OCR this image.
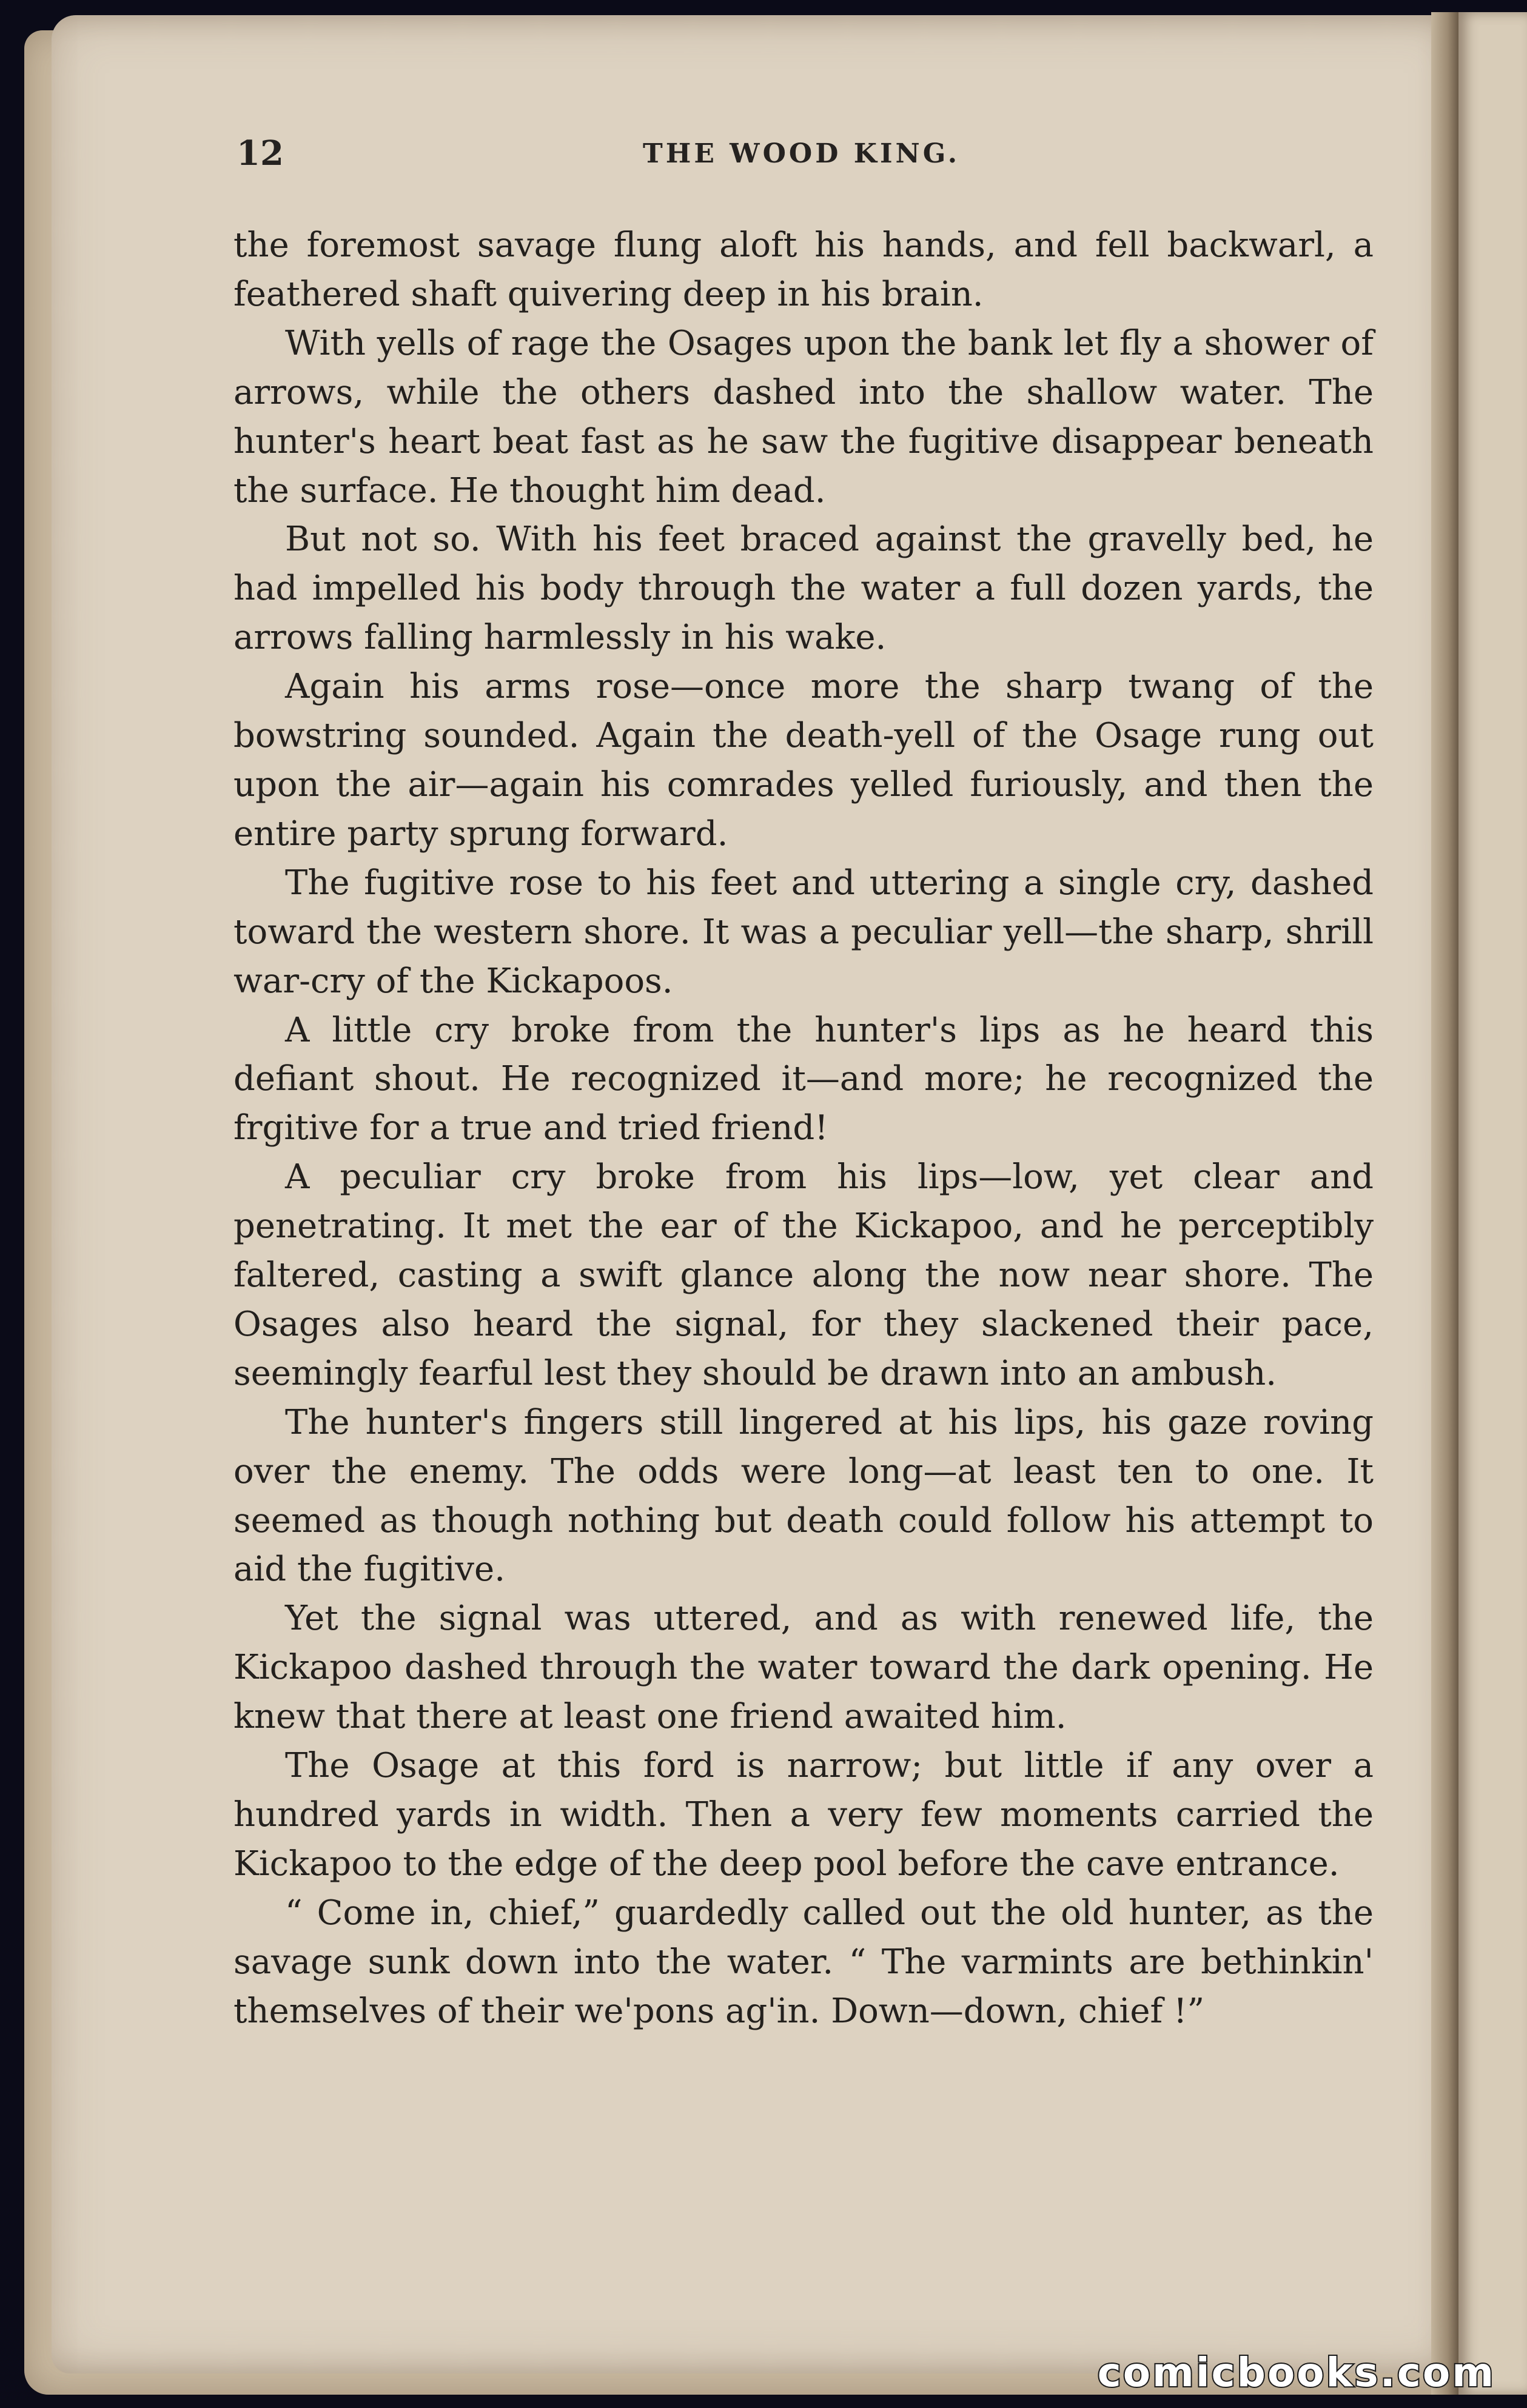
12	THE WOOD KING.

the foremost savage flung aloft his hands, and fell backwarl, a feathered shaft quivering deep in his brain.

With yells of rage the Osages upon the bank let fly a shower of arrows, while the others dashed into the shallow water. The hunter's heart beat fast as he saw the fugitive disappear beneath the surface. He thought him dead.

But not so. With his feet braced against the gravelly bed, he had impelled his body through the water a full dozen yards, the arrows falling harmlessly in his wake.

Again his arms rose—once more the sharp twang of the bowstring sounded. Again the death-yell of the Osage rung out upon the air—again his comrades yelled furiously, and then the entire party sprung forward.

The fugitive rose to his feet and uttering a single cry, dashed toward the western shore. It was a peculiar yell—the sharp, shrill war-cry of the Kickapoos.

A little cry broke from the hunter's lips as he heard this defiant shout. He recognized it—and more; he recognized the frgitive for a true and tried friend!

A peculiar cry broke from his lips—low, yet clear and penetrating. It met the ear of the Kickapoo, and he perceptibly faltered, casting a swift glance along the now near shore. The Osages also heard the signal, for they slackened their pace, seemingly fearful lest they should be drawn into an ambush.

The hunter's fingers still lingered at his lips, his gaze roving over the enemy. The odds were long—at least ten to one. It seemed as though nothing but death could follow his attempt to aid the fugitive.

Yet the signal was uttered, and as with renewed life, the Kickapoo dashed through the water toward the dark opening. He knew that there at least one friend awaited him.

The Osage at this ford is narrow; but little if any over a hundred yards in width. Then a very few moments carried the Kickapoo to the edge of the deep pool before the cave entrance.

“ Come in, chief,” guardedly called out the old hunter, as the savage sunk down into the water. “ The varmints are bethinkin' themselves of their we'pons ag'in. Down—down, chief !”

comicbooks.com
